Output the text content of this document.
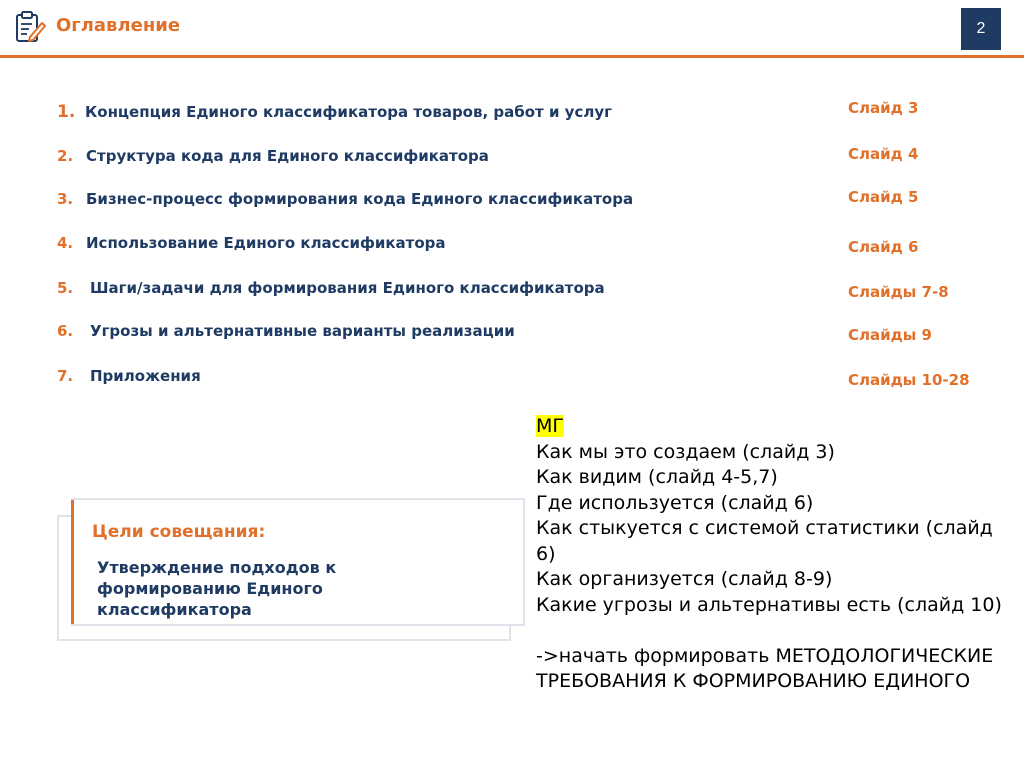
Оглавление	2
1. Концепция Единого классификатора товаров, работ и услуг	Слайд 3
2. Структура кода для Единого классификатора	Слайд 4
3. Бизнес-процесс формирования кода Единого классификатора	Слайд 5
4. Использование Единого классификатора	Слайд 6
5. Шаги/задачи для формирования Единого классификатора	Слайды 7-8
6. Угрозы и альтернативные варианты реализации	Слайды 9
7. Приложения	Слайды 10-28
Цели совещания:
Утверждение подходов к формированию Единого классификатора
МГ
Как мы это создаем (слайд 3)
Как видим (слайд 4-5,7)
Где используется (слайд 6)
Как стыкуется с системой статистики (слайд 6)
Как организуется (слайд 8-9)
Какие угрозы и альтернативы есть (слайд 10)
->начать формировать МЕТОДОЛОГИЧЕСКИЕ ТРЕБОВАНИЯ К ФОРМИРОВАНИЮ ЕДИНОГО
